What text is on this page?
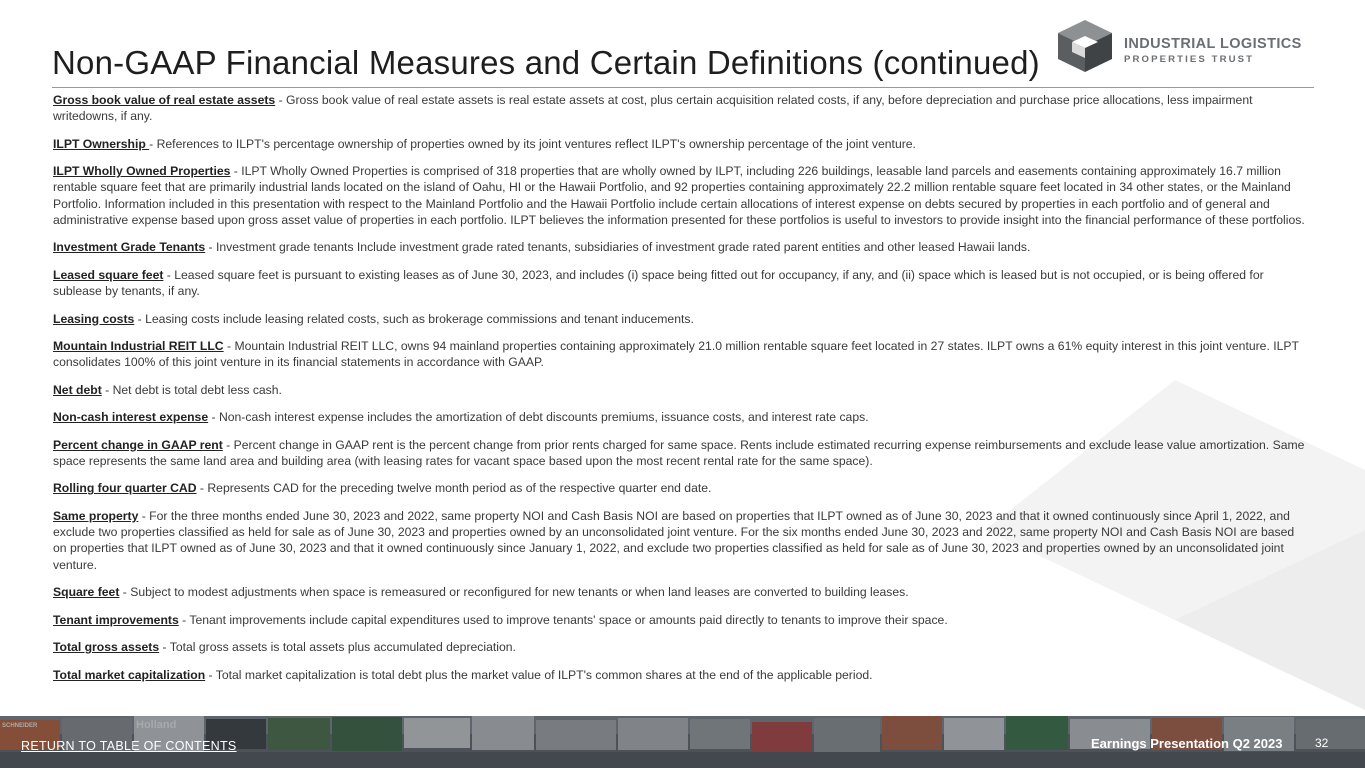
Non-GAAP Financial Measures and Certain Definitions (continued)	INDUSTRIAL LOGISTICS
PROPERTIES TRUST

Gross book value of real estate assets - Gross book value of real estate assets is real estate assets at cost, plus certain acquisition related costs, if any, before depreciation and purchase price allocations, less impairment writedowns, if any.

ILPT Ownership - References to ILPT's percentage ownership of properties owned by its joint ventures reflect ILPT's ownership percentage of the joint venture.

ILPT Wholly Owned Properties - ILPT Wholly Owned Properties is comprised of 318 properties that are wholly owned by ILPT, including 226 buildings, leasable land parcels and easements containing approximately 16.7 million rentable square feet that are primarily industrial lands located on the island of Oahu, HI or the Hawaii Portfolio, and 92 properties containing approximately 22.2 million rentable square feet located in 34 other states, or the Mainland Portfolio. Information included in this presentation with respect to the Mainland Portfolio and the Hawaii Portfolio include certain allocations of interest expense on debts secured by properties in each portfolio and of general and administrative expense based upon gross asset value of properties in each portfolio. ILPT believes the information presented for these portfolios is useful to investors to provide insight into the financial performance of these portfolios.

Investment Grade Tenants - Investment grade tenants Include investment grade rated tenants, subsidiaries of investment grade rated parent entities and other leased Hawaii lands.

Leased square feet - Leased square feet is pursuant to existing leases as of June 30, 2023, and includes (i) space being fitted out for occupancy, if any, and (ii) space which is leased but is not occupied, or is being offered for sublease by tenants, if any.

Leasing costs - Leasing costs include leasing related costs, such as brokerage commissions and tenant inducements.

Mountain Industrial REIT LLC - Mountain Industrial REIT LLC, owns 94 mainland properties containing approximately 21.0 million rentable square feet located in 27 states. ILPT owns a 61% equity interest in this joint venture. ILPT consolidates 100% of this joint venture in its financial statements in accordance with GAAP.

Net debt - Net debt is total debt less cash.

Non-cash interest expense - Non-cash interest expense includes the amortization of debt discounts premiums, issuance costs, and interest rate caps.

Percent change in GAAP rent - Percent change in GAAP rent is the percent change from prior rents charged for same space. Rents include estimated recurring expense reimbursements and exclude lease value amortization. Same space represents the same land area and building area (with leasing rates for vacant space based upon the most recent rental rate for the same space).

Rolling four quarter CAD - Represents CAD for the preceding twelve month period as of the respective quarter end date.

Same property - For the three months ended June 30, 2023 and 2022, same property NOI and Cash Basis NOI are based on properties that ILPT owned as of June 30, 2023 and that it owned continuously since April 1, 2022, and exclude two properties classified as held for sale as of June 30, 2023 and properties owned by an unconsolidated joint venture. For the six months ended June 30, 2023 and 2022, same property NOI and Cash Basis NOI are based on properties that ILPT owned as of June 30, 2023 and that it owned continuously since January 1, 2022, and exclude two properties classified as held for sale as of June 30, 2023 and properties owned by an unconsolidated joint venture.

Square feet - Subject to modest adjustments when space is remeasured or reconfigured for new tenants or when land leases are converted to building leases.

Tenant improvements - Tenant improvements include capital expenditures used to improve tenants' space or amounts paid directly to tenants to improve their space.

Total gross assets - Total gross assets is total assets plus accumulated depreciation.

Total market capitalization - Total market capitalization is total debt plus the market value of ILPT's common shares at the end of the applicable period.

SCHNEIDER	Holland
RETURN TO TABLE OF CONTENTS	Earnings Presentation Q2 2023	32
